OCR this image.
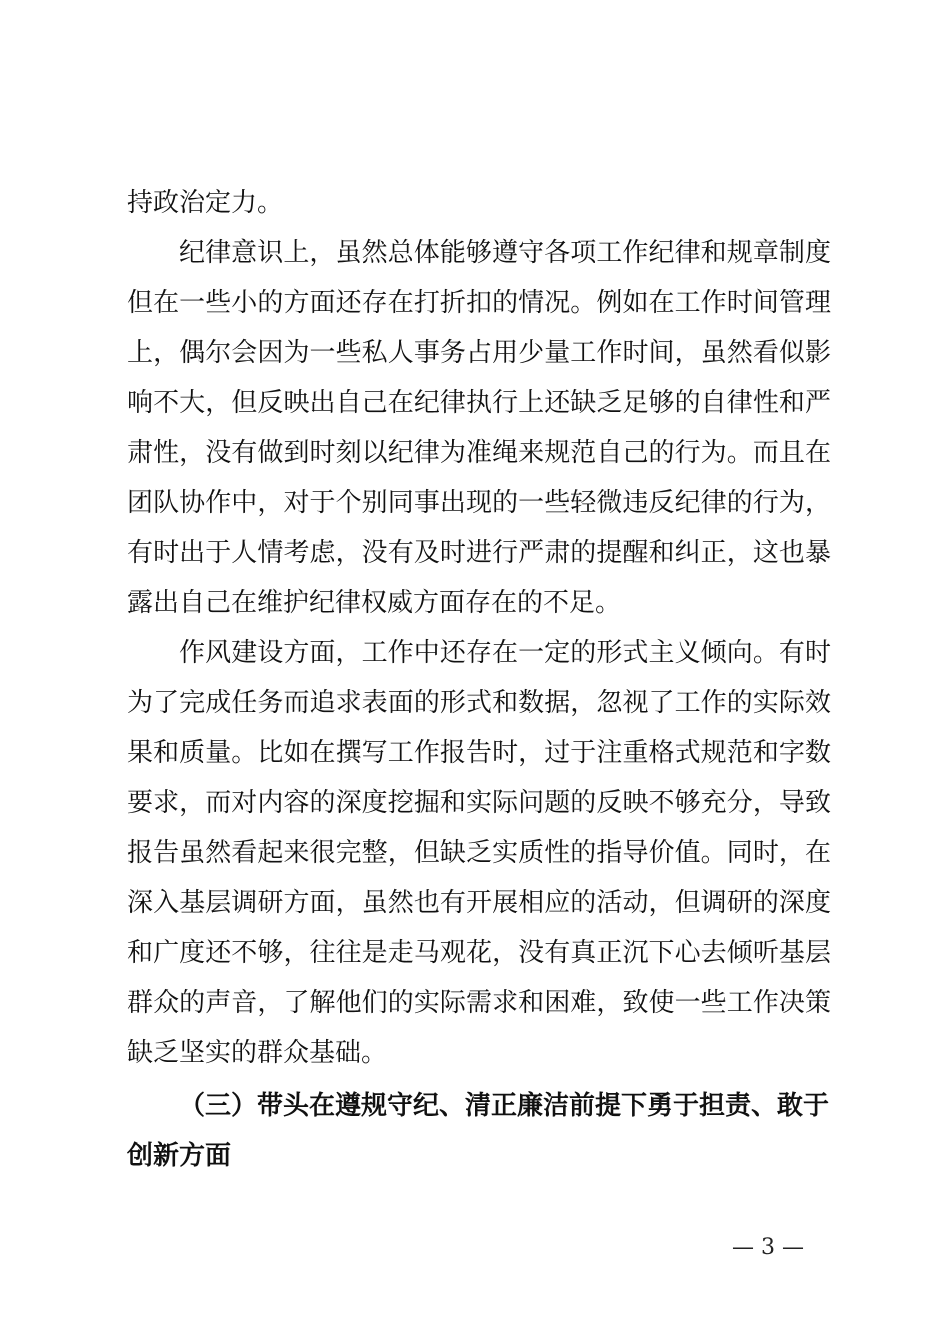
持政治定力。
纪律意识上，虽然总体能够遵守各项工作纪律和规章制度
但在一些小的方面还存在打折扣的情况。例如在工作时间管理
上，偶尔会因为一些私人事务占用少量工作时间，虽然看似影
响不大，但反映出自己在纪律执行上还缺乏足够的自律性和严
肃性，没有做到时刻以纪律为准绳来规范自己的行为。而且在
团队协作中，对于个别同事出现的一些轻微违反纪律的行为，
有时出于人情考虑，没有及时进行严肃的提醒和纠正，这也暴
露出自己在维护纪律权威方面存在的不足。
作风建设方面，工作中还存在一定的形式主义倾向。有时
为了完成任务而追求表面的形式和数据，忽视了工作的实际效
果和质量。比如在撰写工作报告时，过于注重格式规范和字数
要求，而对内容的深度挖掘和实际问题的反映不够充分，导致
报告虽然看起来很完整，但缺乏实质性的指导价值。同时，在
深入基层调研方面，虽然也有开展相应的活动，但调研的深度
和广度还不够，往往是走马观花，没有真正沉下心去倾听基层
群众的声音，了解他们的实际需求和困难，致使一些工作决策
缺乏坚实的群众基础。
（三）带头在遵规守纪、清正廉洁前提下勇于担责、敢于
创新方面
— 3 —
